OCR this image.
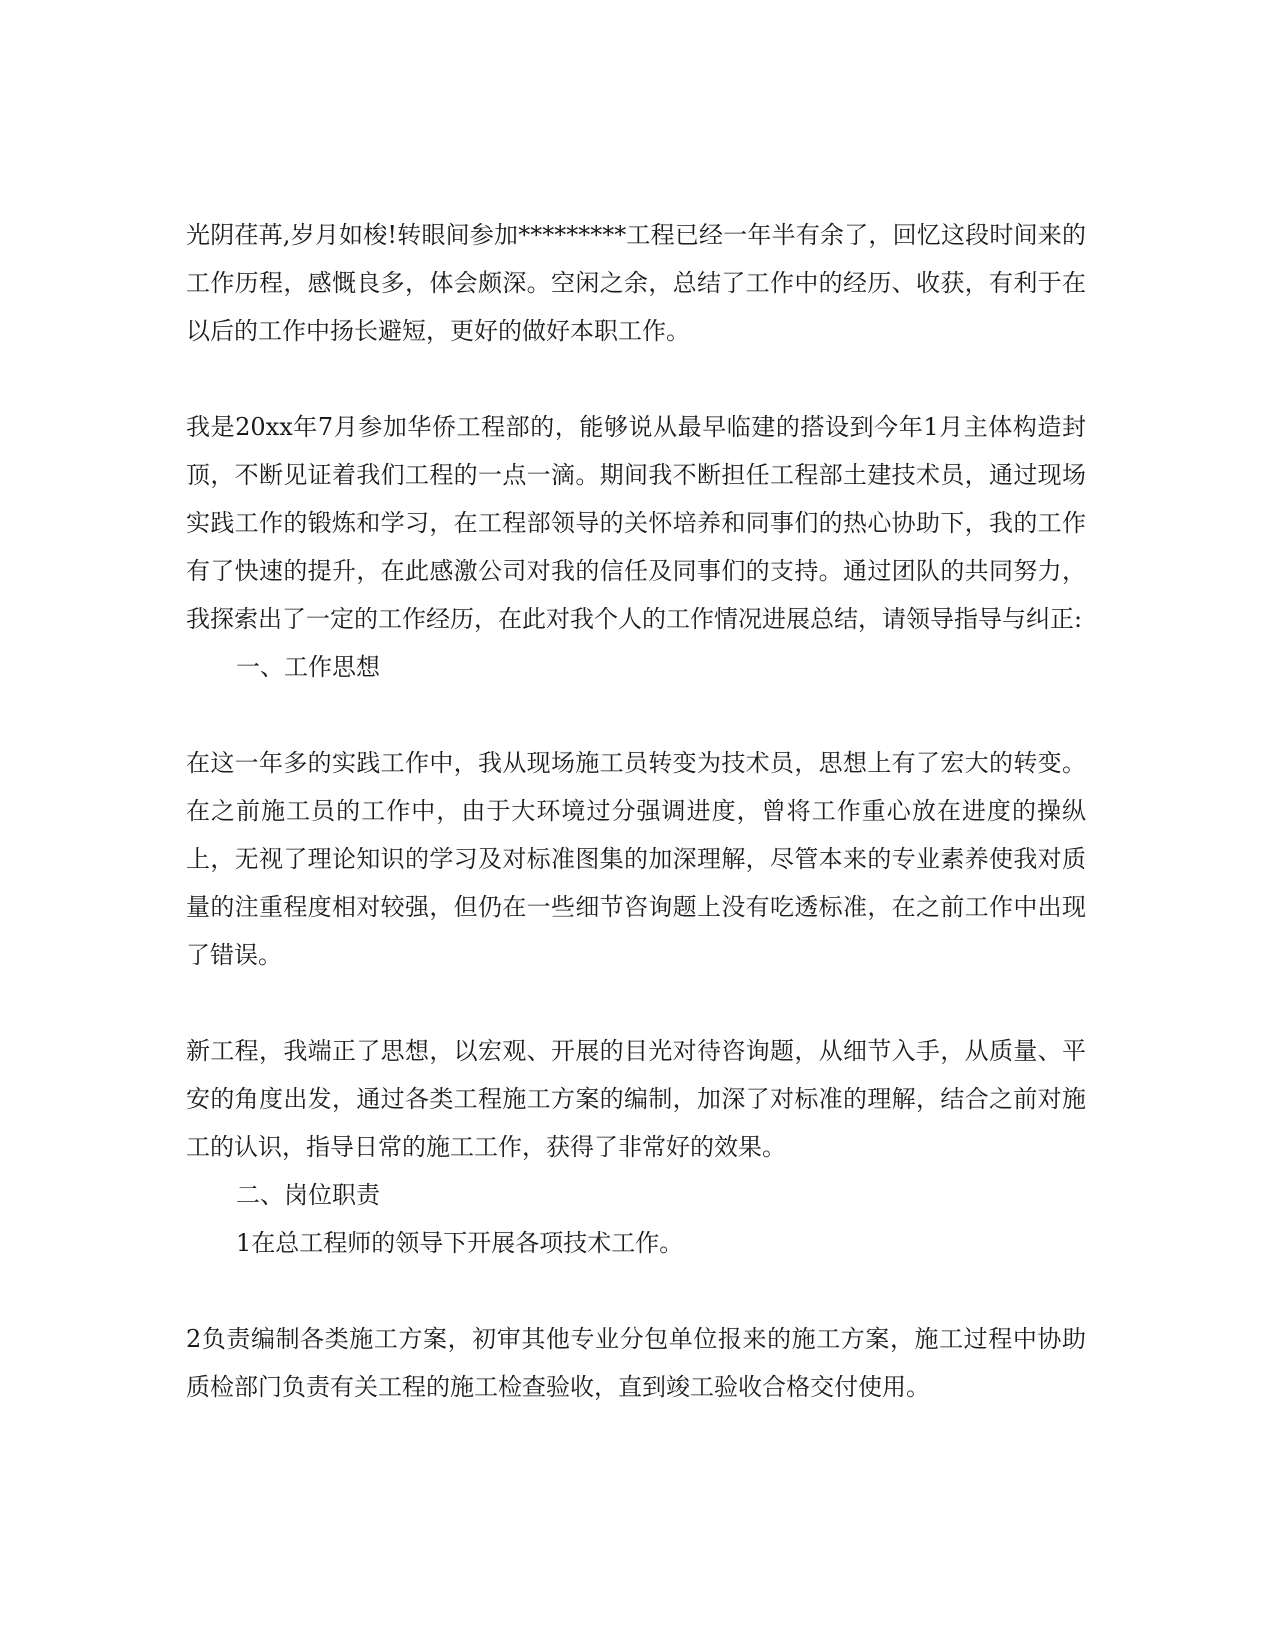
光阴荏苒,岁月如梭!转眼间参加*********工程已经一年半有余了，回忆这段时间来的工作历程，感慨良多，体会颇深。空闲之余，总结了工作中的经历、收获，有利于在以后的工作中扬长避短，更好的做好本职工作。

我是20xx年7月参加华侨工程部的，能够说从最早临建的搭设到今年1月主体构造封顶，不断见证着我们工程的一点一滴。期间我不断担任工程部土建技术员，通过现场实践工作的锻炼和学习，在工程部领导的关怀培养和同事们的热心协助下，我的工作有了快速的提升，在此感激公司对我的信任及同事们的支持。通过团队的共同努力，我探索出了一定的工作经历，在此对我个人的工作情况进展总结，请领导指导与纠正:

一、工作思想

在这一年多的实践工作中，我从现场施工员转变为技术员，思想上有了宏大的转变。在之前施工员的工作中，由于大环境过分强调进度，曾将工作重心放在进度的操纵上，无视了理论知识的学习及对标准图集的加深理解，尽管本来的专业素养使我对质量的注重程度相对较强，但仍在一些细节咨询题上没有吃透标准，在之前工作中出现了错误。

新工程，我端正了思想，以宏观、开展的目光对待咨询题，从细节入手，从质量、平安的角度出发，通过各类工程施工方案的编制，加深了对标准的理解，结合之前对施工的认识，指导日常的施工工作，获得了非常好的效果。

二、岗位职责

1在总工程师的领导下开展各项技术工作。

2负责编制各类施工方案，初审其他专业分包单位报来的施工方案，施工过程中协助质检部门负责有关工程的施工检查验收，直到竣工验收合格交付使用。
